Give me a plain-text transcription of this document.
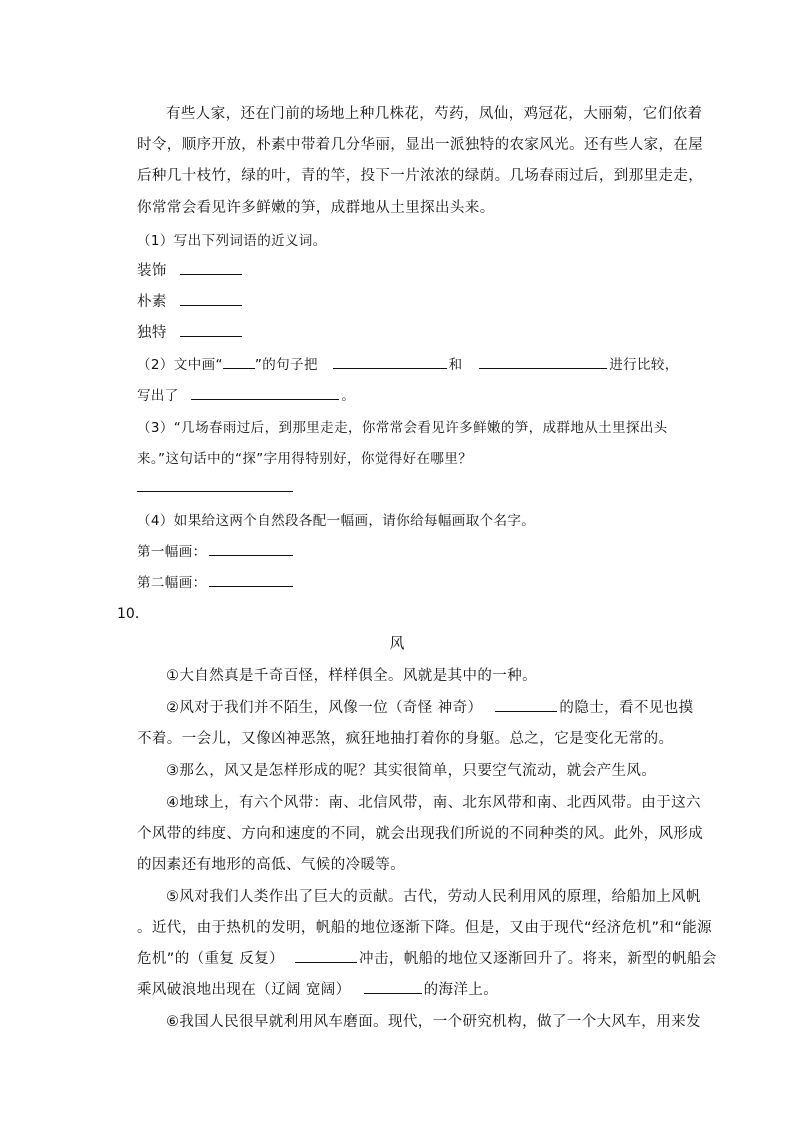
有些人家，还在门前的场地上种几株花，芍药，凤仙，鸡冠花，大丽菊，它们依着
时令，顺序开放，朴素中带着几分华丽，显出一派独特的农家风光。还有些人家，在屋
后种几十枝竹，绿的叶，青的竿，投下一片浓浓的绿荫。几场春雨过后，到那里走走，
你常常会看见许多鲜嫩的笋，成群地从土里探出头来。
（1）写出下列词语的近义词。
装饰
朴素
独特
（2）文中画“ ”的句子把	和	进行比较，
写出了	。
（3）“几场春雨过后，到那里走走，你常常会看见许多鲜嫩的笋，成群地从土里探出头
来。”这句话中的“探”字用得特别好，你觉得好在哪里？
（4）如果给这两个自然段各配一幅画，请你给每幅画取个名字。
第一幅画：
第二幅画：
10．
风
①大自然真是千奇百怪，样样俱全。风就是其中的一种。
②风对于我们并不陌生，风像一位（奇怪 神奇）	的隐士，看不见也摸
不着。一会儿，又像凶神恶煞，疯狂地抽打着你的身躯。总之，它是变化无常的。
③那么，风又是怎样形成的呢？其实很简单，只要空气流动，就会产生风。
④地球上，有六个风带：南、北信风带，南、北东风带和南、北西风带。由于这六
个风带的纬度、方向和速度的不同，就会出现我们所说的不同种类的风。此外，风形成
的因素还有地形的高低、气候的冷暖等。
⑤风对我们人类作出了巨大的贡献。古代，劳动人民利用风的原理，给船加上风帆
。近代，由于热机的发明，帆船的地位逐渐下降。但是，又由于现代“经济危机”和“能源
危机”的（重复 反复）	冲击，帆船的地位又逐渐回升了。将来，新型的帆船会
乘风破浪地出现在（辽阔 宽阔）	的海洋上。
⑥我国人民很早就利用风车磨面。现代，一个研究机构，做了一个大风车，用来发
